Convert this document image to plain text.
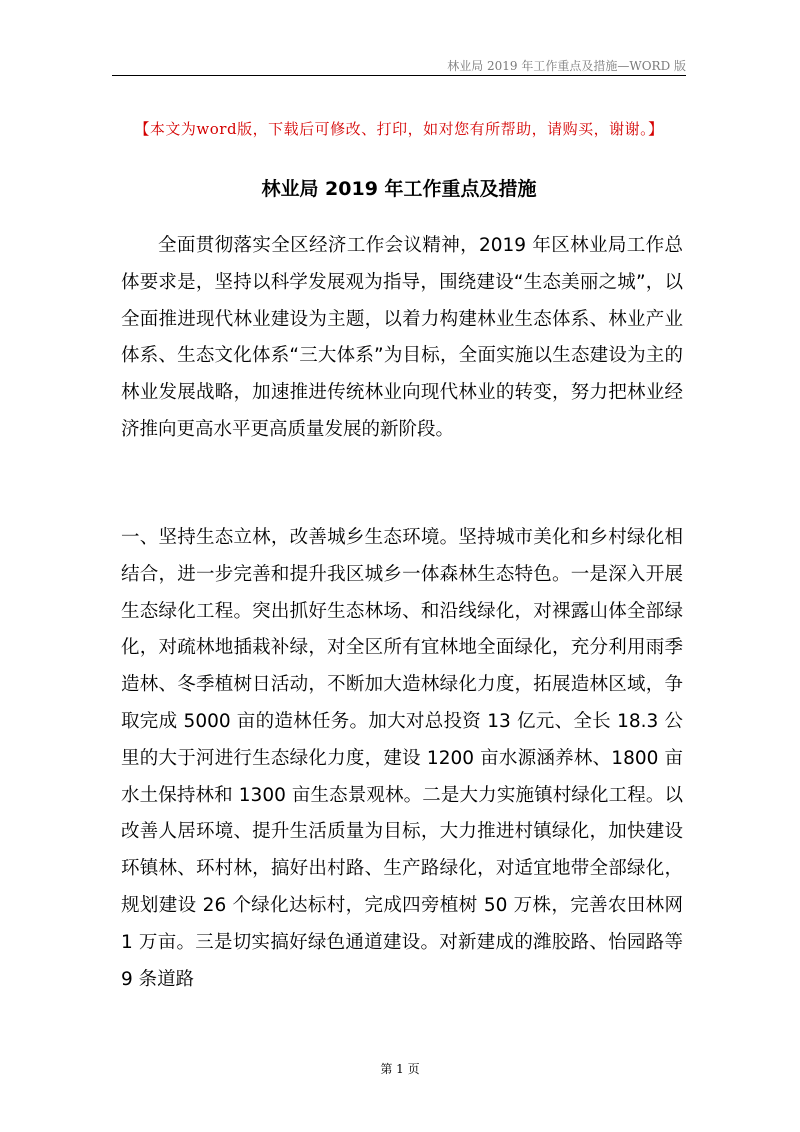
林业局 2019 年工作重点及措施—WORD 版
【本文为word版，下载后可修改、打印，如对您有所帮助，请购买，谢谢。】
林业局 2019 年工作重点及措施
全面贯彻落实全区经济工作会议精神，2019 年区林业局工作总体要求是，坚持以科学发展观为指导，围绕建设“生态美丽之城”，以全面推进现代林业建设为主题，以着力构建林业生态体系、林业产业体系、生态文化体系“三大体系”为目标，全面实施以生态建设为主的林业发展战略，加速推进传统林业向现代林业的转变，努力把林业经济推向更高水平更高质量发展的新阶段。
一、坚持生态立林，改善城乡生态环境。坚持城市美化和乡村绿化相结合，进一步完善和提升我区城乡一体森林生态特色。一是深入开展生态绿化工程。突出抓好生态林场、和沿线绿化，对裸露山体全部绿化，对疏林地插栽补绿，对全区所有宜林地全面绿化，充分利用雨季造林、冬季植树日活动，不断加大造林绿化力度，拓展造林区域，争取完成 5000 亩的造林任务。加大对总投资 13 亿元、全长 18.3 公里的大于河进行生态绿化力度，建设 1200 亩水源涵养林、1800 亩水土保持林和 1300 亩生态景观林。二是大力实施镇村绿化工程。以改善人居环境、提升生活质量为目标，大力推进村镇绿化，加快建设环镇林、环村林，搞好出村路、生产路绿化，对适宜地带全部绿化，规划建设 26 个绿化达标村，完成四旁植树 50 万株，完善农田林网 1 万亩。三是切实搞好绿色通道建设。对新建成的潍胶路、怡园路等 9 条道路
第 1 页
